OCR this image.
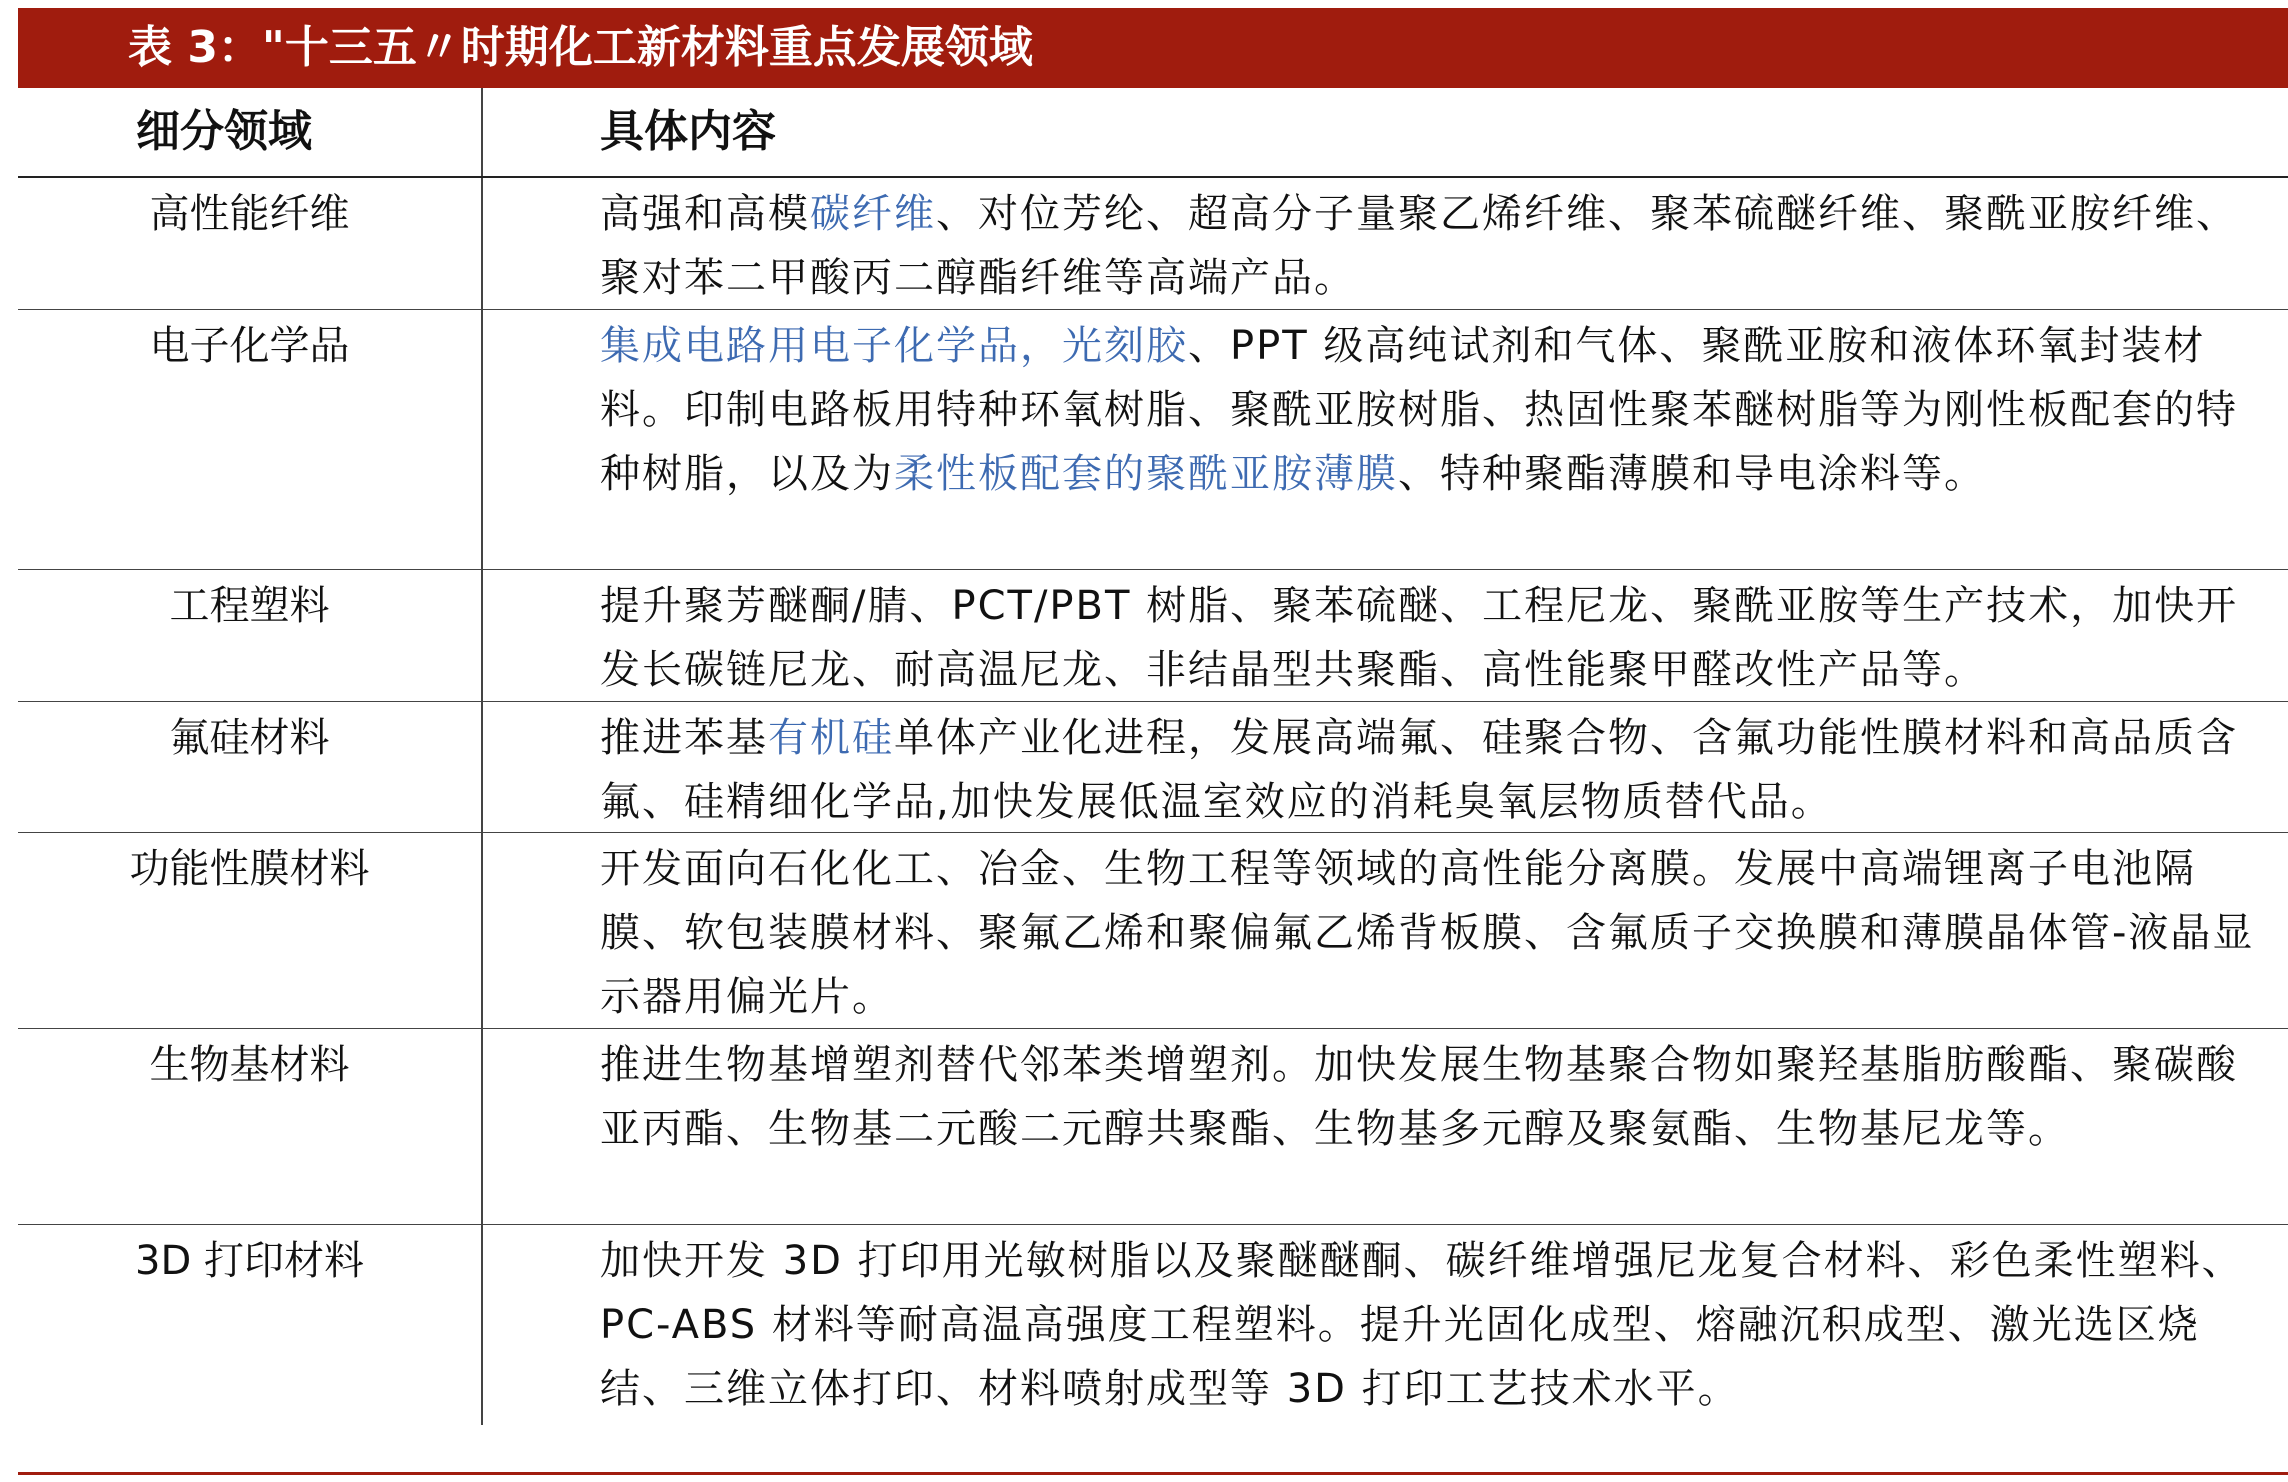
表 3："十三五〃时期化工新材料重点发展领域
细分领域	具体内容
高性能纤维	高强和高模碳纤维、对位芳纶、超高分子量聚乙烯纤维、聚苯硫醚纤维、聚酰亚胺纤维、聚对苯二甲酸丙二醇酯纤维等高端产品。
电子化学品	集成电路用电子化学品，光刻胶、PPT 级高纯试剂和气体、聚酰亚胺和液体环氧封装材料。印制电路板用特种环氧树脂、聚酰亚胺树脂、热固性聚苯醚树脂等为刚性板配套的特种树脂，以及为柔性板配套的聚酰亚胺薄膜、特种聚酯薄膜和导电涂料等。
工程塑料	提升聚芳醚酮/腈、PCT/PBT 树脂、聚苯硫醚、工程尼龙、聚酰亚胺等生产技术，加快开发长碳链尼龙、耐高温尼龙、非结晶型共聚酯、高性能聚甲醛改性产品等。
氟硅材料	推进苯基有机硅单体产业化进程，发展高端氟、硅聚合物、含氟功能性膜材料和高品质含氟、硅精细化学品,加快发展低温室效应的消耗臭氧层物质替代品。
功能性膜材料	开发面向石化化工、冶金、生物工程等领域的高性能分离膜。发展中高端锂离子电池隔膜、软包装膜材料、聚氟乙烯和聚偏氟乙烯背板膜、含氟质子交换膜和薄膜晶体管-液晶显示器用偏光片。
生物基材料	推进生物基增塑剂替代邻苯类增塑剂。加快发展生物基聚合物如聚羟基脂肪酸酯、聚碳酸亚丙酯、生物基二元酸二元醇共聚酯、生物基多元醇及聚氨酯、生物基尼龙等。
3D 打印材料	加快开发 3D 打印用光敏树脂以及聚醚醚酮、碳纤维增强尼龙复合材料、彩色柔性塑料、PC-ABS 材料等耐高温高强度工程塑料。提升光固化成型、熔融沉积成型、激光选区烧结、三维立体打印、材料喷射成型等 3D 打印工艺技术水平。
